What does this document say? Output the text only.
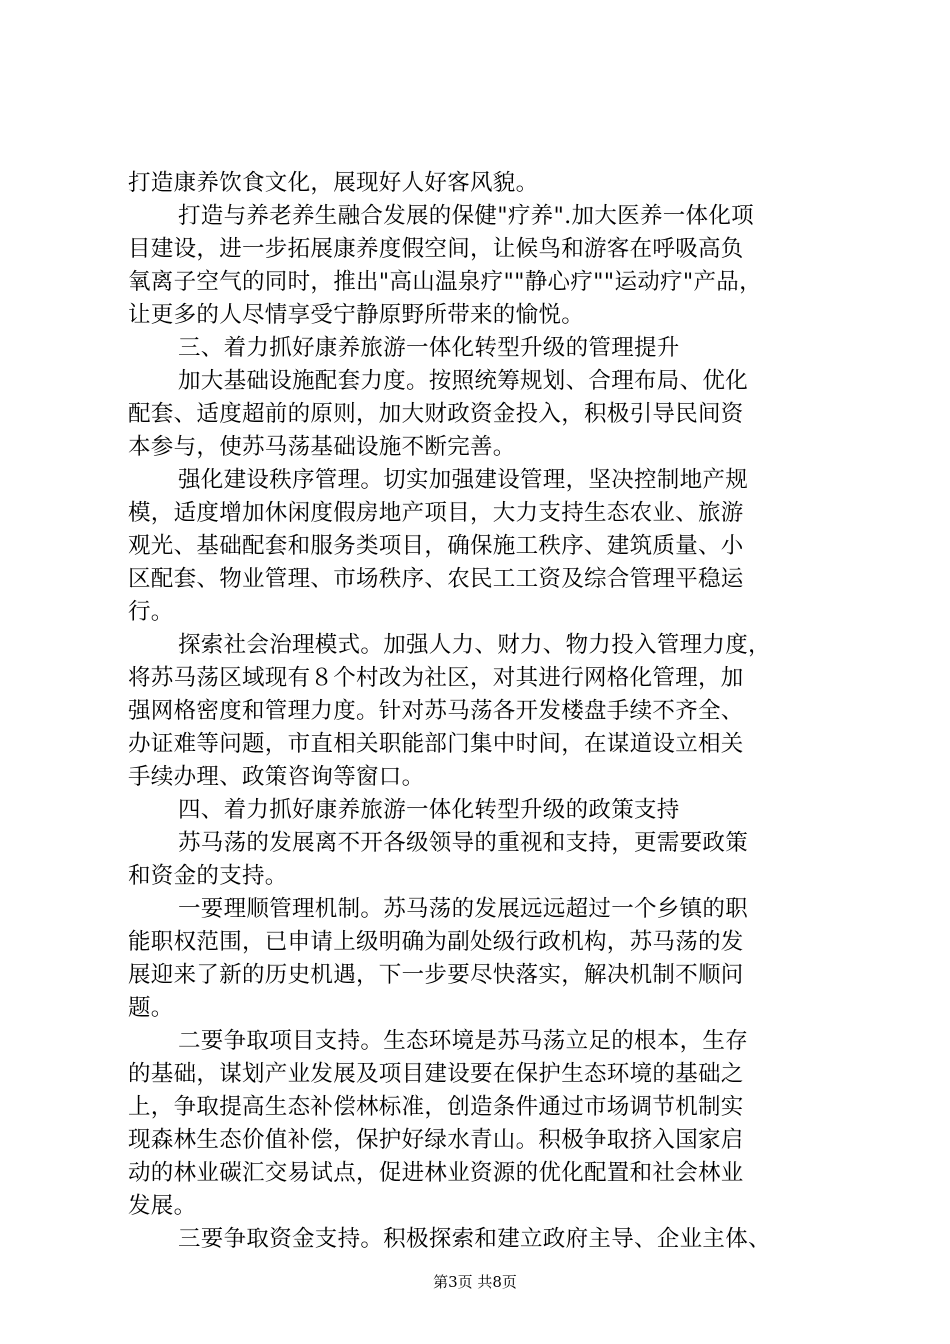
打造康养饮食文化，展现好人好客风貌。
打造与养老养生融合发展的保健"疗养".加大医养一体化项
目建设，进一步拓展康养度假空间，让候鸟和游客在呼吸高负
氧离子空气的同时，推出"高山温泉疗""静心疗""运动疗"产品，
让更多的人尽情享受宁静原野所带来的愉悦。
三、着力抓好康养旅游一体化转型升级的管理提升
加大基础设施配套力度。按照统筹规划、合理布局、优化
配套、适度超前的原则，加大财政资金投入，积极引导民间资
本参与，使苏马荡基础设施不断完善。
强化建设秩序管理。切实加强建设管理，坚决控制地产规
模，适度增加休闲度假房地产项目，大力支持生态农业、旅游
观光、基础配套和服务类项目，确保施工秩序、建筑质量、小
区配套、物业管理、市场秩序、农民工工资及综合管理平稳运
行。
探索社会治理模式。加强人力、财力、物力投入管理力度，
将苏马荡区域现有８个村改为社区，对其进行网格化管理，加
强网格密度和管理力度。针对苏马荡各开发楼盘手续不齐全、
办证难等问题，市直相关职能部门集中时间，在谋道设立相关
手续办理、政策咨询等窗口。
四、着力抓好康养旅游一体化转型升级的政策支持
苏马荡的发展离不开各级领导的重视和支持，更需要政策
和资金的支持。
一要理顺管理机制。苏马荡的发展远远超过一个乡镇的职
能职权范围，已申请上级明确为副处级行政机构，苏马荡的发
展迎来了新的历史机遇，下一步要尽快落实，解决机制不顺问
题。
二要争取项目支持。生态环境是苏马荡立足的根本，生存
的基础，谋划产业发展及项目建设要在保护生态环境的基础之
上，争取提高生态补偿林标准，创造条件通过市场调节机制实
现森林生态价值补偿，保护好绿水青山。积极争取挤入国家启
动的林业碳汇交易试点，促进林业资源的优化配置和社会林业
发展。
三要争取资金支持。积极探索和建立政府主导、企业主体、
第3页 共8页
